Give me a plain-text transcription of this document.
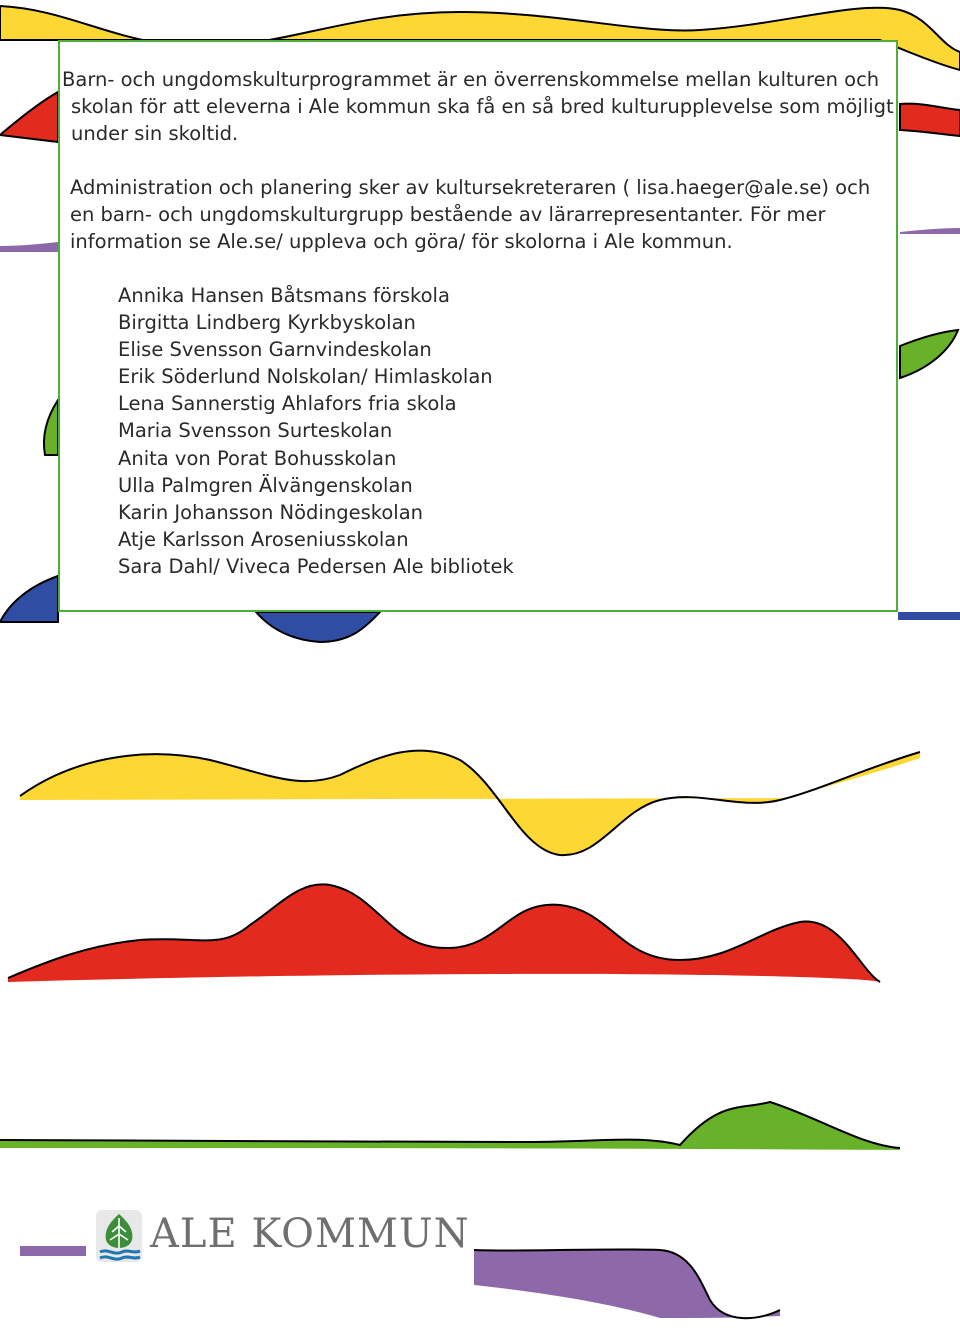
Barn- och ungdomskulturprogrammet är en överrenskommelse mellan kulturen och
skolan för att eleverna i Ale kommun ska få en så bred kulturupplevelse som möjligt
under sin skoltid.

Administration och planering sker av kultursekreteraren ( lisa.haeger@ale.se) och
en barn- och ungdomskulturgrupp bestående av lärarrepresentanter. För mer
information se Ale.se/ uppleva och göra/ för skolorna i Ale kommun.

Annika Hansen Båtsmans förskola
Birgitta Lindberg Kyrkbyskolan
Elise Svensson Garnvindeskolan
Erik Söderlund Nolskolan/ Himlaskolan
Lena Sannerstig Ahlafors fria skola
Maria Svensson Surteskolan
Anita von Porat Bohusskolan
Ulla Palmgren Älvängenskolan
Karin Johansson Nödingeskolan
Atje Karlsson Aroseniusskolan
Sara Dahl/ Viveca Pedersen Ale bibliotek
ALE KOMMUN
